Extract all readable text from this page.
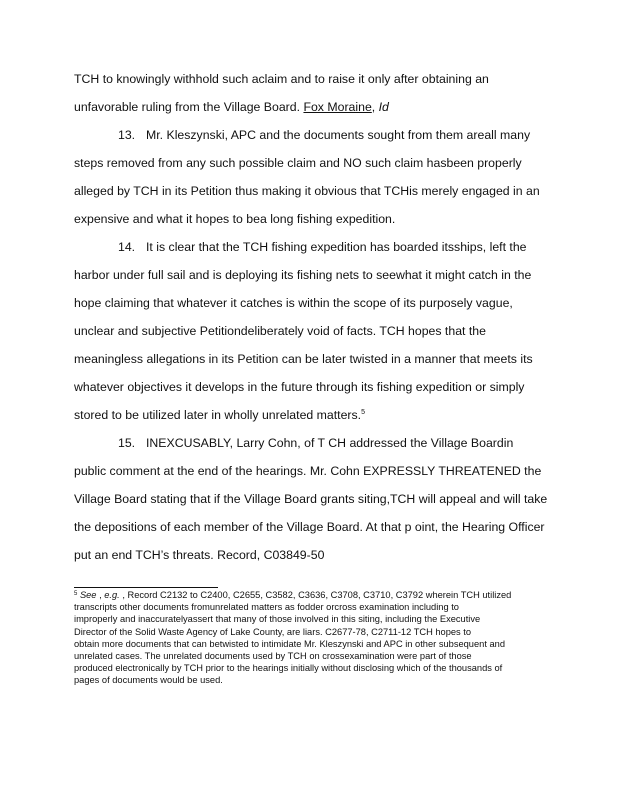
TCH to knowingly withhold such aclaim and to raise it only after obtaining an
unfavorable ruling from the Village Board. Fox Moraine, Id
13. Mr. Kleszynski, APC and the documents sought from them areall many
steps removed from any such possible claim and NO such claim hasbeen properly
alleged by TCH in its Petition thus making it obvious that TCHis merely engaged in an
expensive and what it hopes to bea long fishing expedition.
14. It is clear that the TCH fishing expedition has boarded itsships, left the
harbor under full sail and is deploying its fishing nets to seewhat it might catch in the
hope claiming that whatever it catches is within the scope of its purposely vague,
unclear and subjective Petitiondeliberately void of facts. TCH hopes that the
meaningless allegations in its Petition can be later twisted in a manner that meets its
whatever objectives it develops in the future through its fishing expedition or simply
stored to be utilized later in wholly unrelated matters.$^5$
15. INEXCUSABLY, Larry Cohn, of T CH addressed the Village Boardin
public comment at the end of the hearings. Mr. Cohn EXPRESSLY THREATENED the
Village Board stating that if the Village Board grants siting,TCH will appeal and will take
the depositions of each member of the Village Board. At that p oint, the Hearing Officer
put an end TCH’s threats. Record, C03849-50
$^5$ See , e.g. , Record C2132 to C2400, C2655, C3582, C3636, C3708, C3710, C3792 wherein TCH utilized
transcripts other documents fromunrelated matters as fodder orcross examination including to
improperly and inaccuratelyassert that many of those involved in this siting, including the Executive
Director of the Solid Waste Agency of Lake County, are liars. C2677-78, C2711-12 TCH hopes to
obtain more documents that can betwisted to intimidate Mr. Kleszynski and APC in other subsequent and
unrelated cases. The unrelated documents used by TCH on crossexamination were part of those
produced electronically by TCH prior to the hearings initially without disclosing which of the thousands of
pages of documents would be used.
